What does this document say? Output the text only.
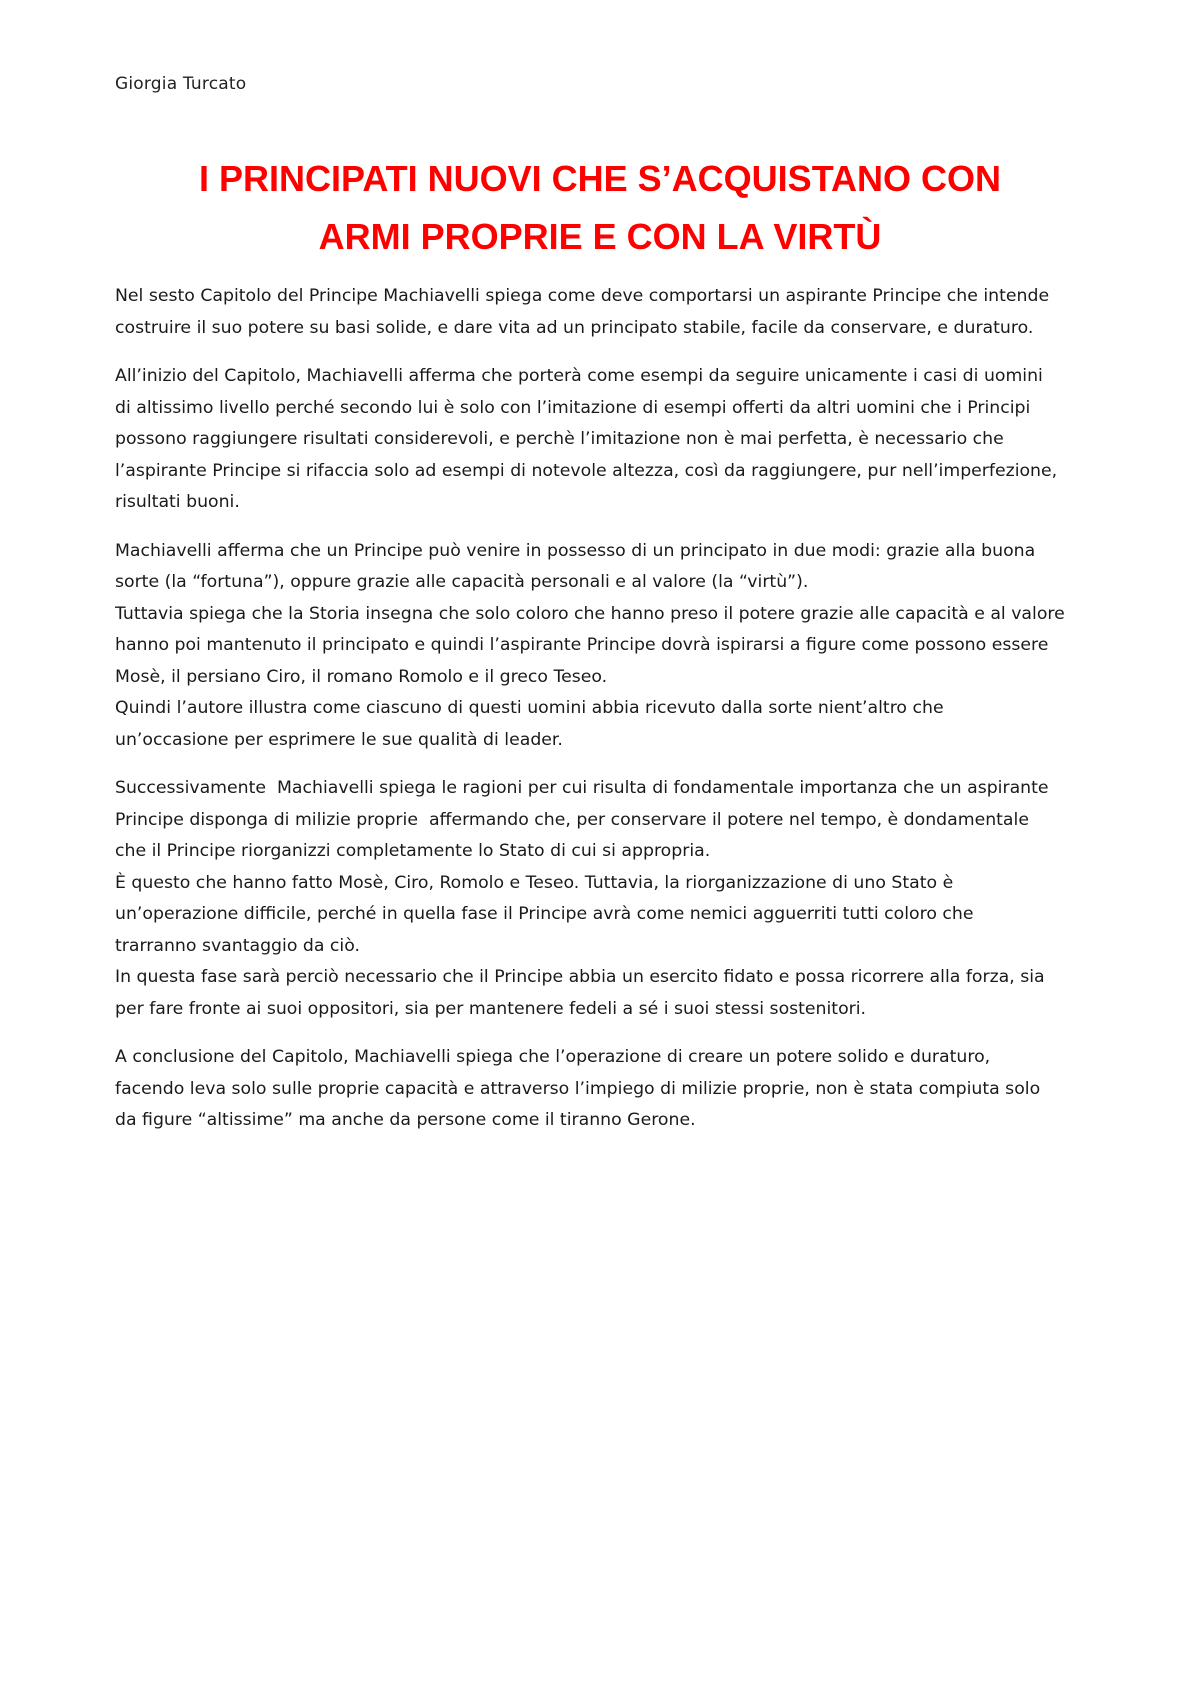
Giorgia Turcato
I PRINCIPATI NUOVI CHE S’ACQUISTANO CON
ARMI PROPRIE E CON LA VIRTÙ

Nel sesto Capitolo del Principe Machiavelli spiega come deve comportarsi un aspirante Principe che intende
costruire il suo potere su basi solide, e dare vita ad un principato stabile, facile da conservare, e duraturo.

All’inizio del Capitolo, Machiavelli afferma che porterà come esempi da seguire unicamente i casi di uomini
di altissimo livello perché secondo lui è solo con l’imitazione di esempi offerti da altri uomini che i Principi
possono raggiungere risultati considerevoli, e perchè l’imitazione non è mai perfetta, è necessario che
l’aspirante Principe si rifaccia solo ad esempi di notevole altezza, così da raggiungere, pur nell’imperfezione,
risultati buoni.

Machiavelli afferma che un Principe può venire in possesso di un principato in due modi: grazie alla buona
sorte (la “fortuna”), oppure grazie alle capacità personali e al valore (la “virtù”).
Tuttavia spiega che la Storia insegna che solo coloro che hanno preso il potere grazie alle capacità e al valore
hanno poi mantenuto il principato e quindi l’aspirante Principe dovrà ispirarsi a figure come possono essere
Mosè, il persiano Ciro, il romano Romolo e il greco Teseo.
Quindi l’autore illustra come ciascuno di questi uomini abbia ricevuto dalla sorte nient’altro che
un’occasione per esprimere le sue qualità di leader.

Successivamente  Machiavelli spiega le ragioni per cui risulta di fondamentale importanza che un aspirante
Principe disponga di milizie proprie  affermando che, per conservare il potere nel tempo, è dondamentale
che il Principe riorganizzi completamente lo Stato di cui si appropria.
È questo che hanno fatto Mosè, Ciro, Romolo e Teseo. Tuttavia, la riorganizzazione di uno Stato è
un’operazione difficile, perché in quella fase il Principe avrà come nemici agguerriti tutti coloro che
trarranno svantaggio da ciò.
In questa fase sarà perciò necessario che il Principe abbia un esercito fidato e possa ricorrere alla forza, sia
per fare fronte ai suoi oppositori, sia per mantenere fedeli a sé i suoi stessi sostenitori.

A conclusione del Capitolo, Machiavelli spiega che l’operazione di creare un potere solido e duraturo,
facendo leva solo sulle proprie capacità e attraverso l’impiego di milizie proprie, non è stata compiuta solo
da figure “altissime” ma anche da persone come il tiranno Gerone.
